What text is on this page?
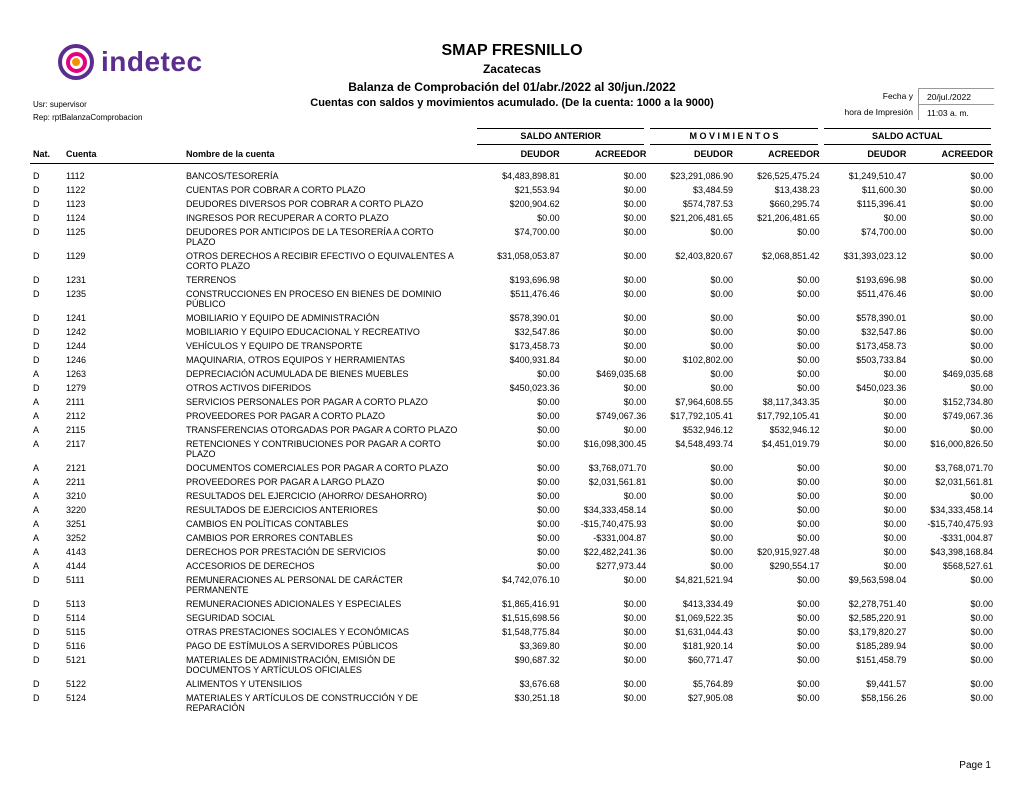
indetec
Usr: supervisor
Rep: rptBalanzaComprobacion
SMAP FRESNILLO
Zacatecas
Balanza de Comprobación del 01/abr./2022 al 30/jun./2022
Cuentas con saldos y movimientos acumulado. (De la cuenta: 1000 a la 9000)
Fecha y	20/jul./2022
hora de Impresión	11:03 a. m.
SALDO ANTERIOR	M O V I M I E N T O S	SALDO ACTUAL
Nat.	Cuenta	Nombre de la cuenta	DEUDOR	ACREEDOR	DEUDOR	ACREEDOR	DEUDOR	ACREEDOR
D	1112	BANCOS/TESORERÍA	$4,483,898.81	$0.00	$23,291,086.90	$26,525,475.24	$1,249,510.47	$0.00
D	1122	CUENTAS POR COBRAR A CORTO PLAZO	$21,553.94	$0.00	$3,484.59	$13,438.23	$11,600.30	$0.00
D	1123	DEUDORES DIVERSOS POR COBRAR A CORTO PLAZO	$200,904.62	$0.00	$574,787.53	$660,295.74	$115,396.41	$0.00
D	1124	INGRESOS POR RECUPERAR A CORTO PLAZO	$0.00	$0.00	$21,206,481.65	$21,206,481.65	$0.00	$0.00
D	1125	DEUDORES POR ANTICIPOS DE LA TESORERÍA A CORTO PLAZO
$74,700.00	$0.00	$0.00	$0.00	$74,700.00	$0.00
D	1129	OTROS DERECHOS A RECIBIR EFECTIVO O EQUIVALENTES A CORTO PLAZO
$31,058,053.87	$0.00	$2,403,820.67	$2,068,851.42	$31,393,023.12	$0.00
D	1231	TERRENOS	$193,696.98	$0.00	$0.00	$0.00	$193,696.98	$0.00
D	1235	CONSTRUCCIONES EN PROCESO EN BIENES DE DOMINIO PÚBLICO
$511,476.46	$0.00	$0.00	$0.00	$511,476.46	$0.00
D	1241	MOBILIARIO Y EQUIPO DE ADMINISTRACIÓN	$578,390.01	$0.00	$0.00	$0.00	$578,390.01	$0.00
D	1242	MOBILIARIO Y EQUIPO EDUCACIONAL Y RECREATIVO	$32,547.86	$0.00	$0.00	$0.00	$32,547.86	$0.00
D	1244	VEHÍCULOS Y EQUIPO DE TRANSPORTE	$173,458.73	$0.00	$0.00	$0.00	$173,458.73	$0.00
D	1246	MAQUINARIA, OTROS EQUIPOS Y HERRAMIENTAS	$400,931.84	$0.00	$102,802.00	$0.00	$503,733.84	$0.00
A	1263	DEPRECIACIÓN ACUMULADA DE BIENES MUEBLES	$0.00	$469,035.68	$0.00	$0.00	$0.00	$469,035.68
D	1279	OTROS ACTIVOS DIFERIDOS	$450,023.36	$0.00	$0.00	$0.00	$450,023.36	$0.00
A	2111	SERVICIOS PERSONALES POR PAGAR A CORTO PLAZO	$0.00	$0.00	$7,964,608.55	$8,117,343.35	$0.00	$152,734.80
A	2112	PROVEEDORES POR PAGAR A CORTO PLAZO	$0.00	$749,067.36	$17,792,105.41	$17,792,105.41	$0.00	$749,067.36
A	2115	TRANSFERENCIAS OTORGADAS POR PAGAR A CORTO PLAZO	$0.00	$0.00	$532,946.12	$532,946.12	$0.00	$0.00
A	2117	RETENCIONES Y CONTRIBUCIONES POR PAGAR A CORTO PLAZO
$0.00	$16,098,300.45	$4,548,493.74	$4,451,019.79	$0.00	$16,000,826.50
A	2121	DOCUMENTOS COMERCIALES POR PAGAR A CORTO PLAZO	$0.00	$3,768,071.70	$0.00	$0.00	$0.00	$3,768,071.70
A	2211	PROVEEDORES POR PAGAR A LARGO PLAZO	$0.00	$2,031,561.81	$0.00	$0.00	$0.00	$2,031,561.81
A	3210	RESULTADOS DEL EJERCICIO (AHORRO/ DESAHORRO)	$0.00	$0.00	$0.00	$0.00	$0.00	$0.00
A	3220	RESULTADOS DE EJERCICIOS ANTERIORES	$0.00	$34,333,458.14	$0.00	$0.00	$0.00	$34,333,458.14
A	3251	CAMBIOS EN POLÍTICAS CONTABLES	$0.00	-$15,740,475.93	$0.00	$0.00	$0.00	-$15,740,475.93
A	3252	CAMBIOS POR ERRORES CONTABLES	$0.00	-$331,004.87	$0.00	$0.00	$0.00	-$331,004.87
A	4143	DERECHOS POR PRESTACIÓN DE SERVICIOS	$0.00	$22,482,241.36	$0.00	$20,915,927.48	$0.00	$43,398,168.84
A	4144	ACCESORIOS DE DERECHOS	$0.00	$277,973.44	$0.00	$290,554.17	$0.00	$568,527.61
D	5111	REMUNERACIONES AL PERSONAL DE CARÁCTER PERMANENTE
$4,742,076.10	$0.00	$4,821,521.94	$0.00	$9,563,598.04	$0.00
D	5113	REMUNERACIONES ADICIONALES Y ESPECIALES	$1,865,416.91	$0.00	$413,334.49	$0.00	$2,278,751.40	$0.00
D	5114	SEGURIDAD SOCIAL	$1,515,698.56	$0.00	$1,069,522.35	$0.00	$2,585,220.91	$0.00
D	5115	OTRAS PRESTACIONES SOCIALES Y ECONÓMICAS	$1,548,775.84	$0.00	$1,631,044.43	$0.00	$3,179,820.27	$0.00
D	5116	PAGO DE ESTÍMULOS A SERVIDORES PÚBLICOS	$3,369.80	$0.00	$181,920.14	$0.00	$185,289.94	$0.00
D	5121	MATERIALES DE ADMINISTRACIÓN, EMISIÓN DE DOCUMENTOS Y ARTÍCULOS OFICIALES
$90,687.32	$0.00	$60,771.47	$0.00	$151,458.79	$0.00
D	5122	ALIMENTOS Y UTENSILIOS	$3,676.68	$0.00	$5,764.89	$0.00	$9,441.57	$0.00
D	5124	MATERIALES Y ARTÍCULOS DE CONSTRUCCIÓN Y DE REPARACIÓN
$30,251.18	$0.00	$27,905.08	$0.00	$58,156.26	$0.00
Page 1
